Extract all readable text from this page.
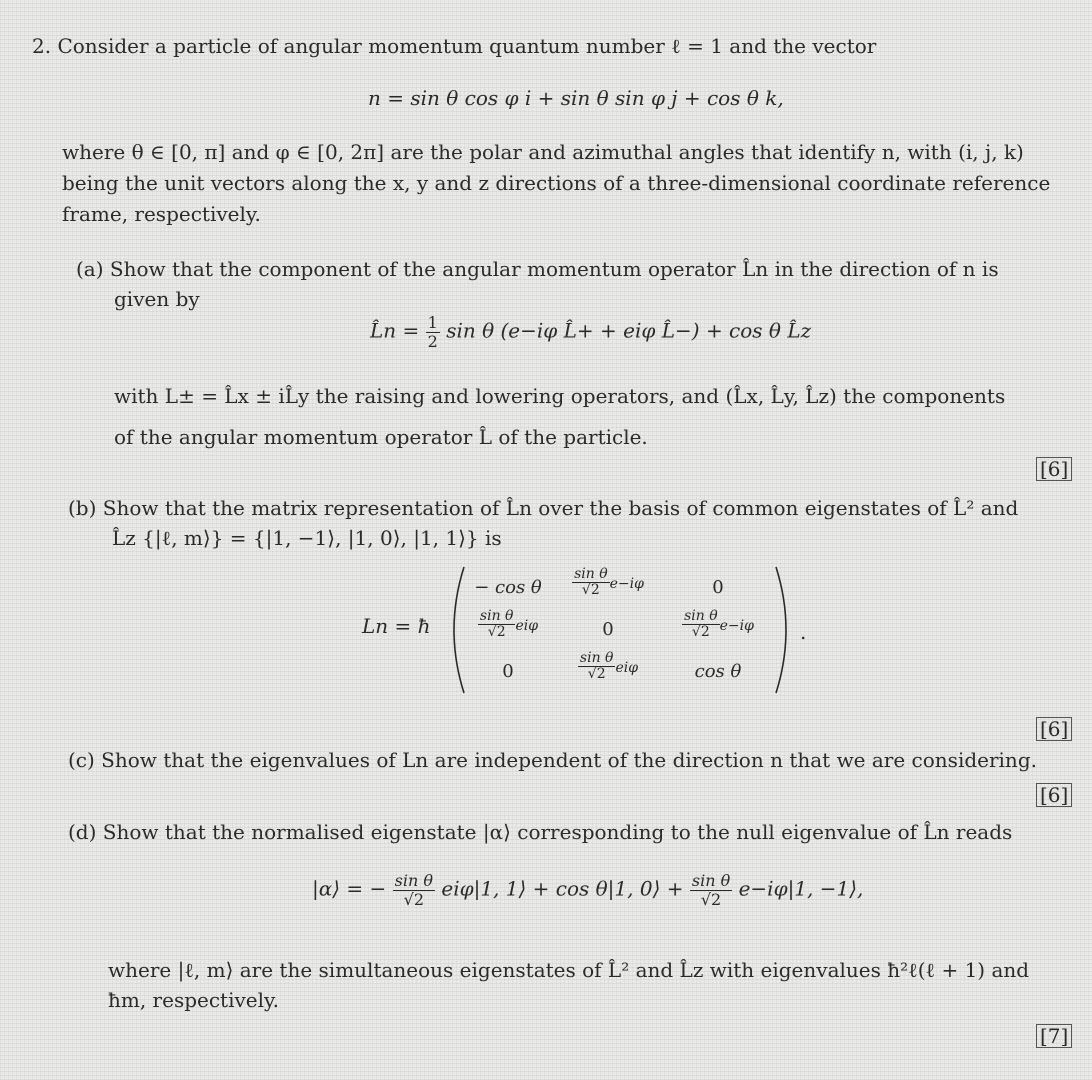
2. Consider a particle of angular momentum quantum number ℓ = 1 and the vector
n = sin θ cos φ i + sin θ sin φ j + cos θ k,
where θ ∈ [0, π] and φ ∈ [0, 2π] are the polar and azimuthal angles that identify n, with (i, j, k)
being the unit vectors along the x, y and z directions of a three-dimensional coordinate reference
frame, respectively.
(a) Show that the component of the angular momentum operator L̂n in the direction of n is
given by
L̂n = $\frac{1}{2}$ sin θ (e−iφ L̂+ + eiφ L̂−) + cos θ L̂z
with L± = L̂x ± iL̂y the raising and lowering operators, and (L̂x, L̂y, L̂z) the components
of the angular momentum operator L̂ of the particle.
[6]
(b) Show that the matrix representation of L̂n over the basis of common eigenstates of L̂² and
L̂z {|ℓ, m⟩} = {|1, −1⟩, |1, 0⟩, |1, 1⟩} is
Ln = ħ
− cos θ	$\frac{\text{sin θ}}{√2} e-i\varphi$	0
$\frac{\text{sin θ}}{√2}$ eiφ	0	$\frac{\text{sin θ}}{√2} e-i\varphi$
0	$\frac{\text{sin θ}}{√2}$ eiφ	cos θ
.
[6]
(c) Show that the eigenvalues of Ln are independent of the direction n that we are considering.
[6]
(d) Show that the normalised eigenstate |α⟩ corresponding to the null eigenvalue of L̂n reads
|α⟩ = − $\frac{\text{sin θ}}{√2} ei\varphi|1$, 1⟩ + cos θ|1, 0⟩ + $\frac{\text{sin θ}}{√2} e-i\varphi|1$, −1⟩,
where |ℓ, m⟩ are the simultaneous eigenstates of L̂² and L̂z with eigenvalues ħ²ℓ(ℓ + 1) and
ħm, respectively.
[7]
